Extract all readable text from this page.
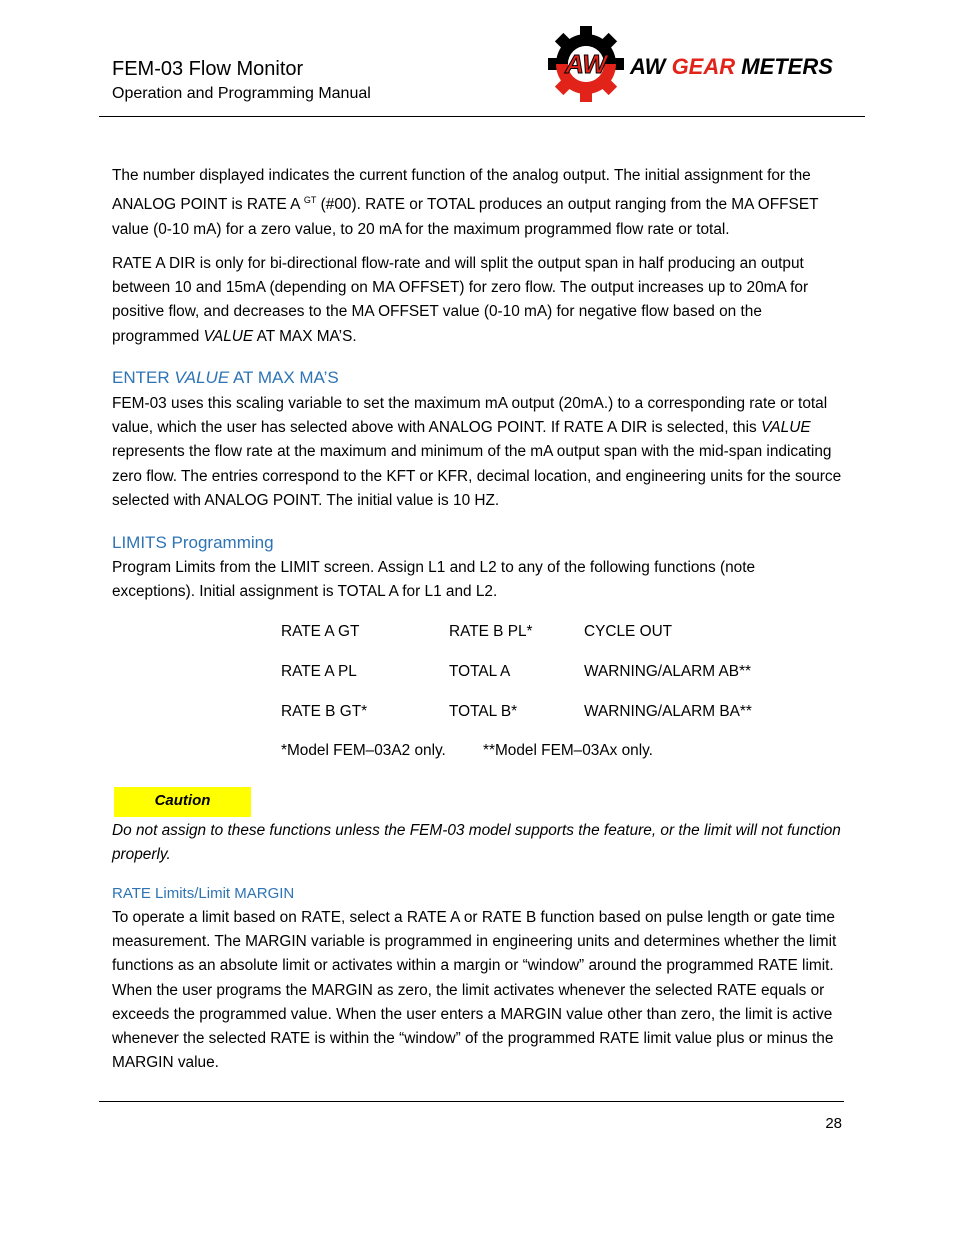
FEM-03 Flow Monitor
Operation and Programming Manual
AW AW GEAR METERS

The number displayed indicates the current function of the analog output. The initial assignment for the ANALOG POINT is RATE A $^{GT}$ (#00). RATE or TOTAL produces an output ranging from the MA OFFSET value (0-10 mA) for a zero value, to 20 mA for the maximum programmed flow rate or total.

RATE A DIR is only for bi-directional flow-rate and will split the output span in half producing an output between 10 and 15mA (depending on MA OFFSET) for zero flow. The output increases up to 20mA for positive flow, and decreases to the MA OFFSET value (0-10 mA) for negative flow based on the programmed VALUE AT MAX MA’S.

ENTER VALUE AT MAX MA’S

FEM-03 uses this scaling variable to set the maximum mA output (20mA.) to a corresponding rate or total value, which the user has selected above with ANALOG POINT. If RATE A DIR is selected, this VALUE represents the flow rate at the maximum and minimum of the mA output span with the mid-span indicating zero flow. The entries correspond to the KFT or KFR, decimal location, and engineering units for the source selected with ANALOG POINT. The initial value is 10 HZ.

LIMITS Programming

Program Limits from the LIMIT screen. Assign L1 and L2 to any of the following functions (note exceptions). Initial assignment is TOTAL A for L1 and L2.

RATE A GT	RATE B PL*	CYCLE OUT
RATE A PL	TOTAL A	WARNING/ALARM AB**
RATE B GT*	TOTAL B*	WARNING/ALARM BA**
*Model FEM–03A2 only. **Model FEM–03Ax only.
Caution

Do not assign to these functions unless the FEM-03 model supports the feature, or the limit will not function properly.

RATE Limits/Limit MARGIN

To operate a limit based on RATE, select a RATE A or RATE B function based on pulse length or gate time measurement. The MARGIN variable is programmed in engineering units and determines whether the limit functions as an absolute limit or activates within a margin or “window” around the programmed RATE limit. When the user programs the MARGIN as zero, the limit activates whenever the selected RATE equals or exceeds the programmed value. When the user enters a MARGIN value other than zero, the limit is active whenever the selected RATE is within the “window” of the programmed RATE limit value plus or minus the MARGIN value.

28
